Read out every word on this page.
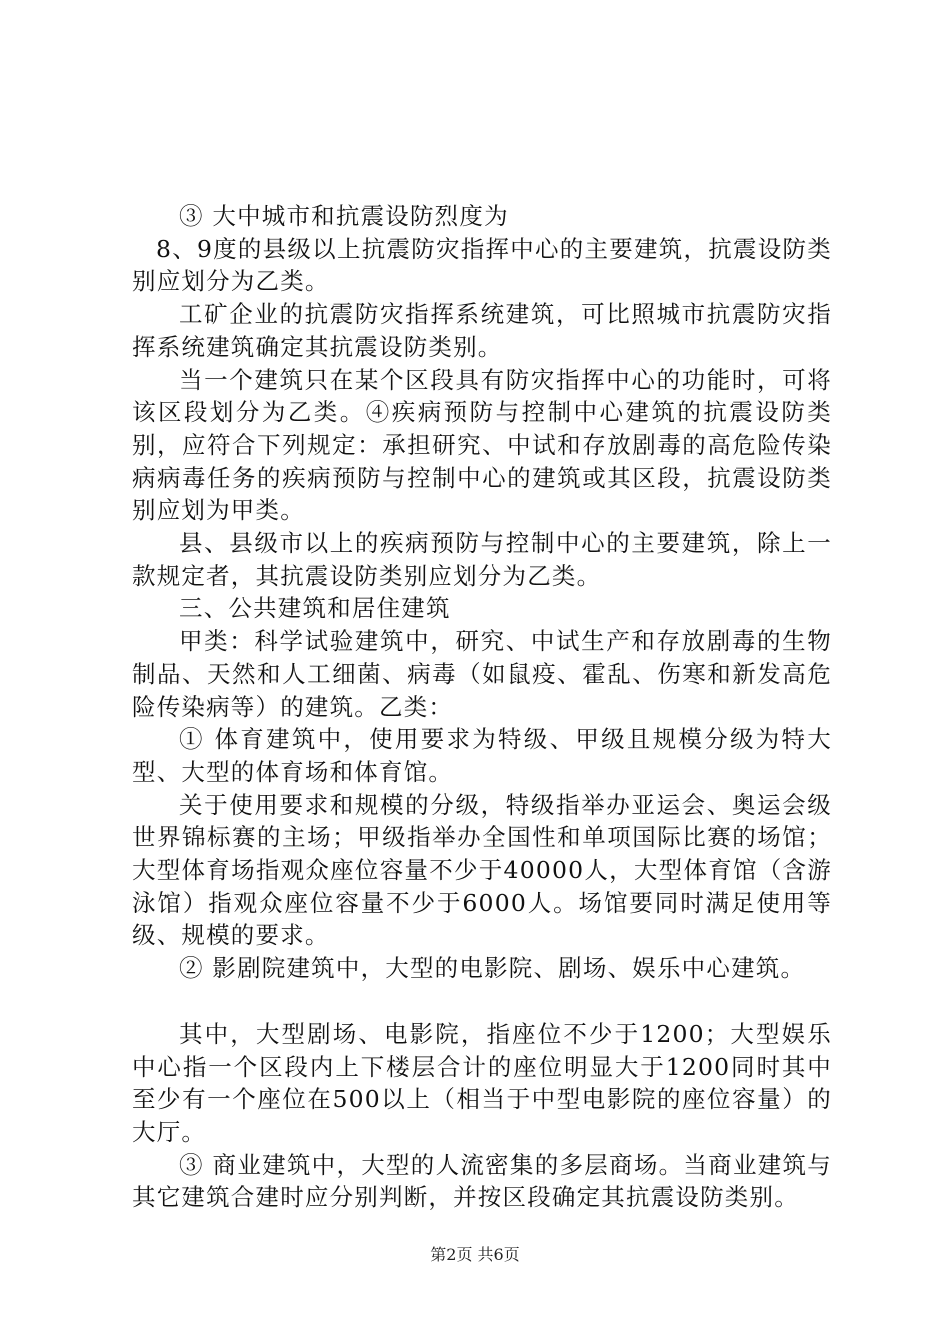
③ 大中城市和抗震设防烈度为

8、9度的县级以上抗震防灾指挥中心的主要建筑，抗震设防类别应划分为乙类。

工矿企业的抗震防灾指挥系统建筑，可比照城市抗震防灾指挥系统建筑确定其抗震设防类别。

当一个建筑只在某个区段具有防灾指挥中心的功能时，可将该区段划分为乙类。④疾病预防与控制中心建筑的抗震设防类别，应符合下列规定：承担研究、中试和存放剧毒的高危险传染病病毒任务的疾病预防与控制中心的建筑或其区段，抗震设防类别应划为甲类。

县、县级市以上的疾病预防与控制中心的主要建筑，除上一款规定者，其抗震设防类别应划分为乙类。

三、公共建筑和居住建筑

甲类：科学试验建筑中，研究、中试生产和存放剧毒的生物制品、天然和人工细菌、病毒（如鼠疫、霍乱、伤寒和新发高危险传染病等）的建筑。乙类：

① 体育建筑中，使用要求为特级、甲级且规模分级为特大型、大型的体育场和体育馆。

关于使用要求和规模的分级，特级指举办亚运会、奥运会级世界锦标赛的主场；甲级指举办全国性和单项国际比赛的场馆；大型体育场指观众座位容量不少于40000人，大型体育馆（含游泳馆）指观众座位容量不少于6000人。场馆要同时满足使用等级、规模的要求。

② 影剧院建筑中，大型的电影院、剧场、娱乐中心建筑。

其中，大型剧场、电影院，指座位不少于1200；大型娱乐中心指一个区段内上下楼层合计的座位明显大于1200同时其中至少有一个座位在500以上（相当于中型电影院的座位容量）的大厅。

③ 商业建筑中，大型的人流密集的多层商场。当商业建筑与其它建筑合建时应分别判断，并按区段确定其抗震设防类别。

第2页 共6页
